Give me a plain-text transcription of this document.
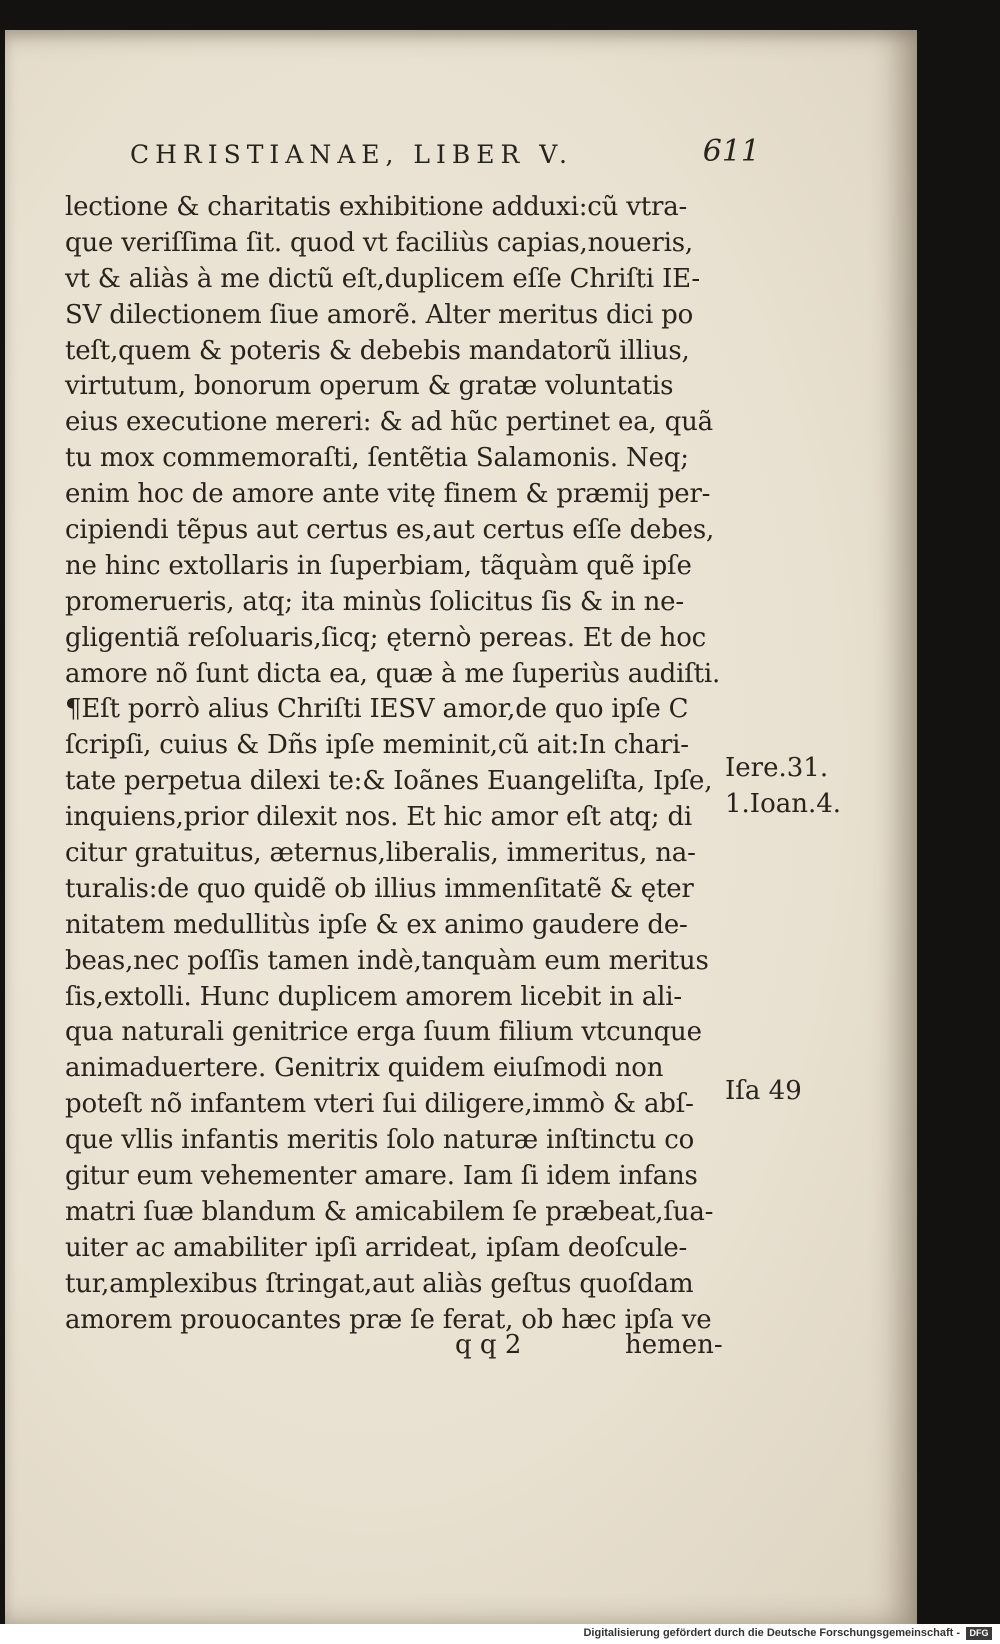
CHRISTIANAE, LIBER V.	611
lectione & charitatis exhibitione adduxi:cũ vtra-
que veriſſima ſit. quod vt faciliùs capias,noueris,
vt & aliàs à me dictũ eſt,duplicem eſſe Chriſti IE-
SV dilectionem ſiue amorẽ. Alter meritus dici po
teſt,quem & poteris & debebis mandatorũ illius,
virtutum, bonorum operum & gratæ voluntatis
eius executione mereri: & ad hũc pertinet ea, quã
tu mox commemoraſti, ſentẽtia Salamonis. Neq;
enim hoc de amore ante vitę finem & præmij per-
cipiendi tẽpus aut certus es,aut certus eſſe debes,
ne hinc extollaris in ſuperbiam, tãquàm quẽ ipſe
promerueris, atq; ita minùs ſolicitus ſis & in ne-
gligentiã reſoluaris,ſicq; ęternò pereas. Et de hoc
amore nõ ſunt dicta ea, quæ à me ſuperiùs audiſti.
¶Eſt porrò alius Chriſti IESV amor,de quo ipſe C
ſcripſi, cuius & Dñs ipſe meminit,cũ ait:In chari-
tate perpetua dilexi te:& Ioãnes Euangeliſta, Ipſe,
inquiens,prior dilexit nos. Et hic amor eſt atq; di
citur gratuitus, æternus,liberalis, immeritus, na-
turalis:de quo quidẽ ob illius immenſitatẽ & ęter
nitatem medullitùs ipſe & ex animo gaudere de-
beas,nec poſſis tamen indè,tanquàm eum meritus
ſis,extolli. Hunc duplicem amorem licebit in ali-
qua naturali genitrice erga ſuum filium vtcunque
animaduertere. Genitrix quidem eiuſmodi non
poteſt nõ infantem vteri ſui diligere,immò & abſ-
que vllis infantis meritis ſolo naturæ inſtinctu co
gitur eum vehementer amare. Iam ſi idem infans
matri ſuæ blandum & amicabilem ſe præbeat,ſua-
uiter ac amabiliter ipſi arrideat, ipſam deoſcule-
tur,amplexibus ſtringat,aut aliàs geſtus quoſdam
amorem prouocantes præ ſe ferat, ob hæc ipſa ve
Iere.31.
1.Ioan.4.
Iſa 49
q q 2	hemen-
Digitalisierung gefördert durch die Deutsche Forschungsgemeinschaft -	DFG
